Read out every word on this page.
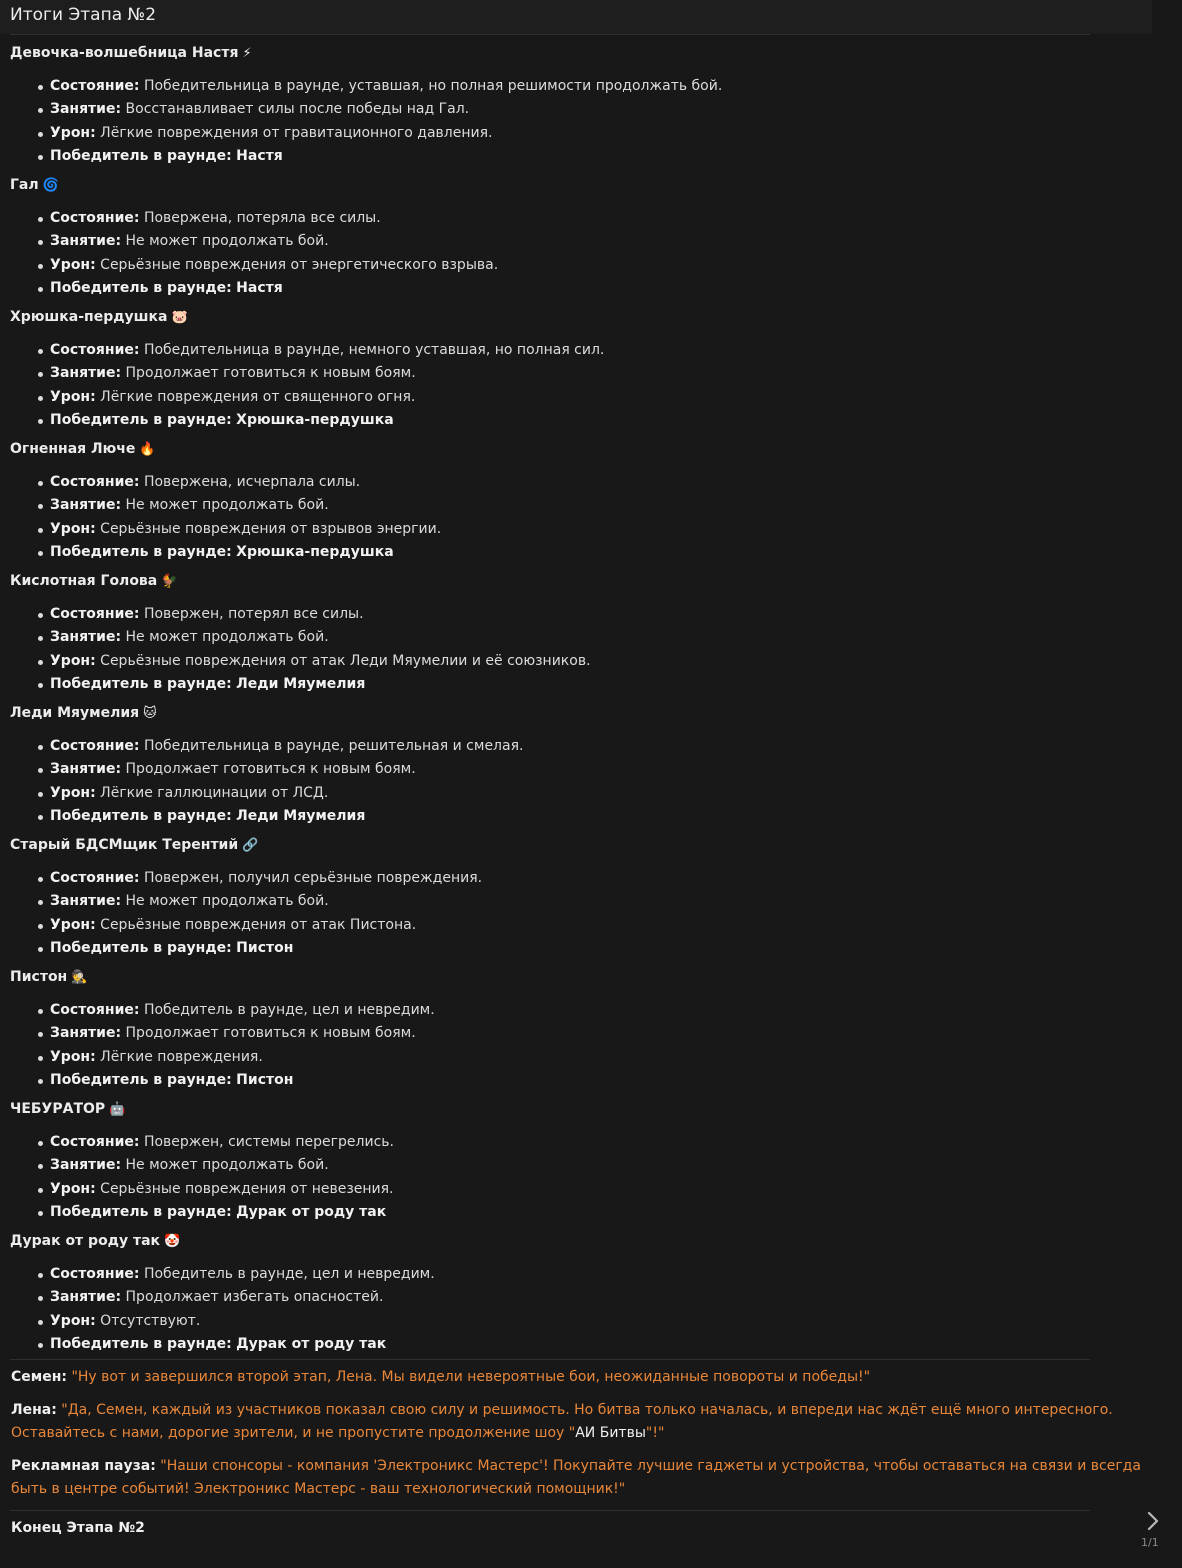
Итоги Этапа №2
Девочка-волшебница Настя ⚡
Состояние: Победительница в раунде, уставшая, но полная решимости продолжать бой.
Занятие: Восстанавливает силы после победы над Гал.
Урон: Лёгкие повреждения от гравитационного давления.
Победитель в раунде: Настя
Гал 🌀
Состояние: Повержена, потеряла все силы.
Занятие: Не может продолжать бой.
Урон: Серьёзные повреждения от энергетического взрыва.
Победитель в раунде: Настя
Хрюшка-пердушка 🐷
Состояние: Победительница в раунде, немного уставшая, но полная сил.
Занятие: Продолжает готовиться к новым боям.
Урон: Лёгкие повреждения от священного огня.
Победитель в раунде: Хрюшка-пердушка
Огненная Люче 🔥
Состояние: Повержена, исчерпала силы.
Занятие: Не может продолжать бой.
Урон: Серьёзные повреждения от взрывов энергии.
Победитель в раунде: Хрюшка-пердушка
Кислотная Голова 🐓
Состояние: Повержен, потерял все силы.
Занятие: Не может продолжать бой.
Урон: Серьёзные повреждения от атак Леди Мяумелии и её союзников.
Победитель в раунде: Леди Мяумелия
Леди Мяумелия 🐱
Состояние: Победительница в раунде, решительная и смелая.
Занятие: Продолжает готовиться к новым боям.
Урон: Лёгкие галлюцинации от ЛСД.
Победитель в раунде: Леди Мяумелия
Старый БДСМщик Терентий 🔗
Состояние: Повержен, получил серьёзные повреждения.
Занятие: Не может продолжать бой.
Урон: Серьёзные повреждения от атак Пистона.
Победитель в раунде: Пистон
Пистон 🕵
Состояние: Победитель в раунде, цел и невредим.
Занятие: Продолжает готовиться к новым боям.
Урон: Лёгкие повреждения.
Победитель в раунде: Пистон
ЧЕБУРАТОР 🤖
Состояние: Повержен, системы перегрелись.
Занятие: Не может продолжать бой.
Урон: Серьёзные повреждения от невезения.
Победитель в раунде: Дурак от роду так
Дурак от роду так 🤡
Состояние: Победитель в раунде, цел и невредим.
Занятие: Продолжает избегать опасностей.
Урон: Отсутствуют.
Победитель в раунде: Дурак от роду так
Семен: "Ну вот и завершился второй этап, Лена. Мы видели невероятные бои, неожиданные повороты и победы!"
Лена: "Да, Семен, каждый из участников показал свою силу и решимость. Но битва только началась, и впереди нас ждёт ещё много интересного. Оставайтесь с нами, дорогие зрители, и не пропустите продолжение шоу "АИ Битвы"!"
Рекламная пауза: "Наши спонсоры - компания 'Электроникс Мастерс'! Покупайте лучшие гаджеты и устройства, чтобы оставаться на связи и всегда быть в центре событий! Электроникс Мастерс - ваш технологический помощник!"
Конец Этапа №2
1/1
